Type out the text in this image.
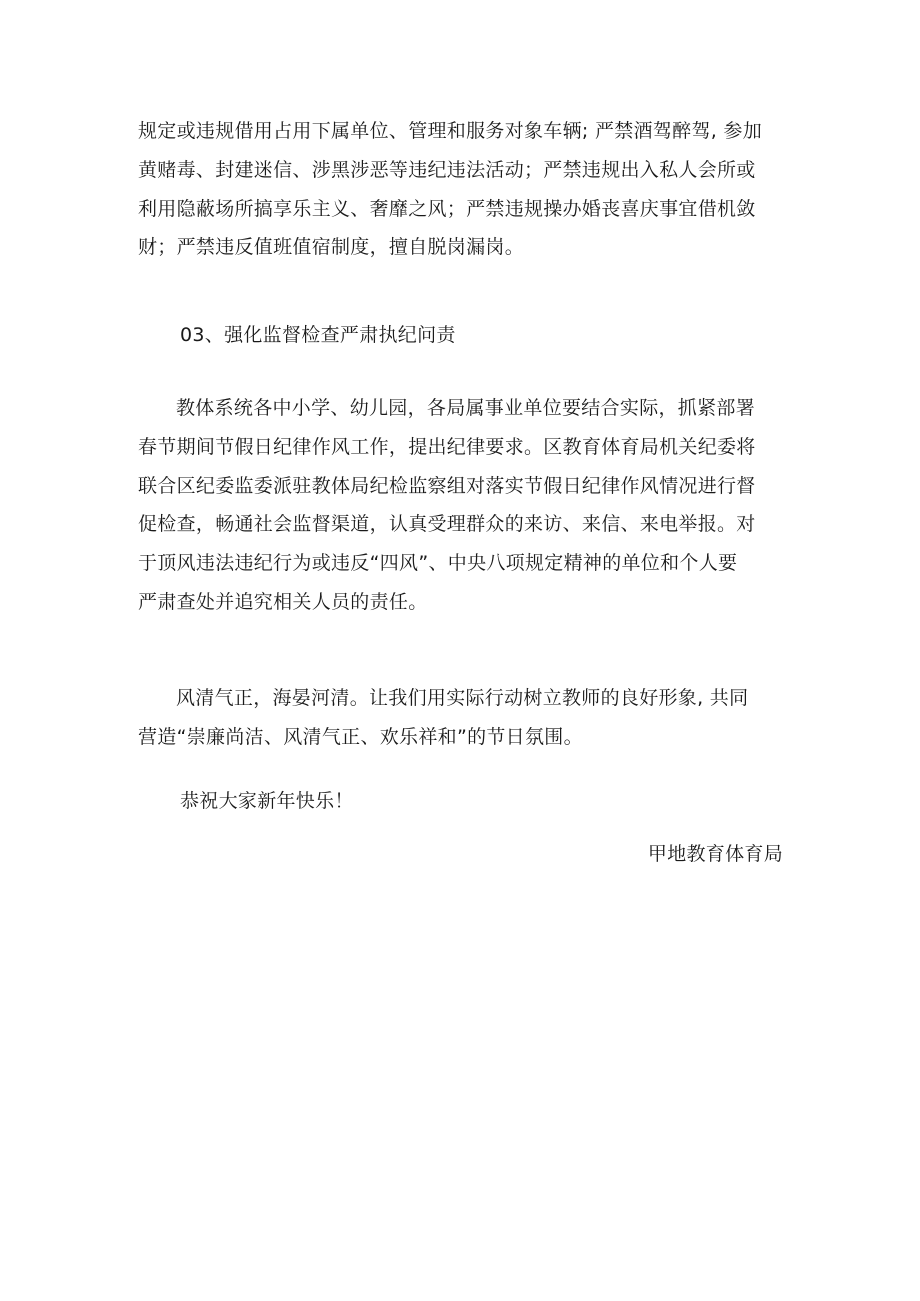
规定或违规借用占用下属单位、管理和服务对象车辆; 严禁酒驾醉驾, 参加
黄赌毒、封建迷信、涉黑涉恶等违纪违法活动；严禁违规出入私人会所或
利用隐蔽场所搞享乐主义、奢靡之风；严禁违规操办婚丧喜庆事宜借机敛
财；严禁违反值班值宿制度，擅自脱岗漏岗。
03、强化监督检查严肃执纪问责
教体系统各中小学、幼儿园，各局属事业单位要结合实际，抓紧部署
春节期间节假日纪律作风工作，提出纪律要求。区教育体育局机关纪委将
联合区纪委监委派驻教体局纪检监察组对落实节假日纪律作风情况进行督
促检查，畅通社会监督渠道，认真受理群众的来访、来信、来电举报。对
于顶风违法违纪行为或违反“四风”、中央八项规定精神的单位和个人要
严肃查处并追究相关人员的责任。
风清气正，海晏河清。让我们用实际行动树立教师的良好形象, 共同
营造“崇廉尚洁、风清气正、欢乐祥和”的节日氛围。
恭祝大家新年快乐！
甲地教育体育局
